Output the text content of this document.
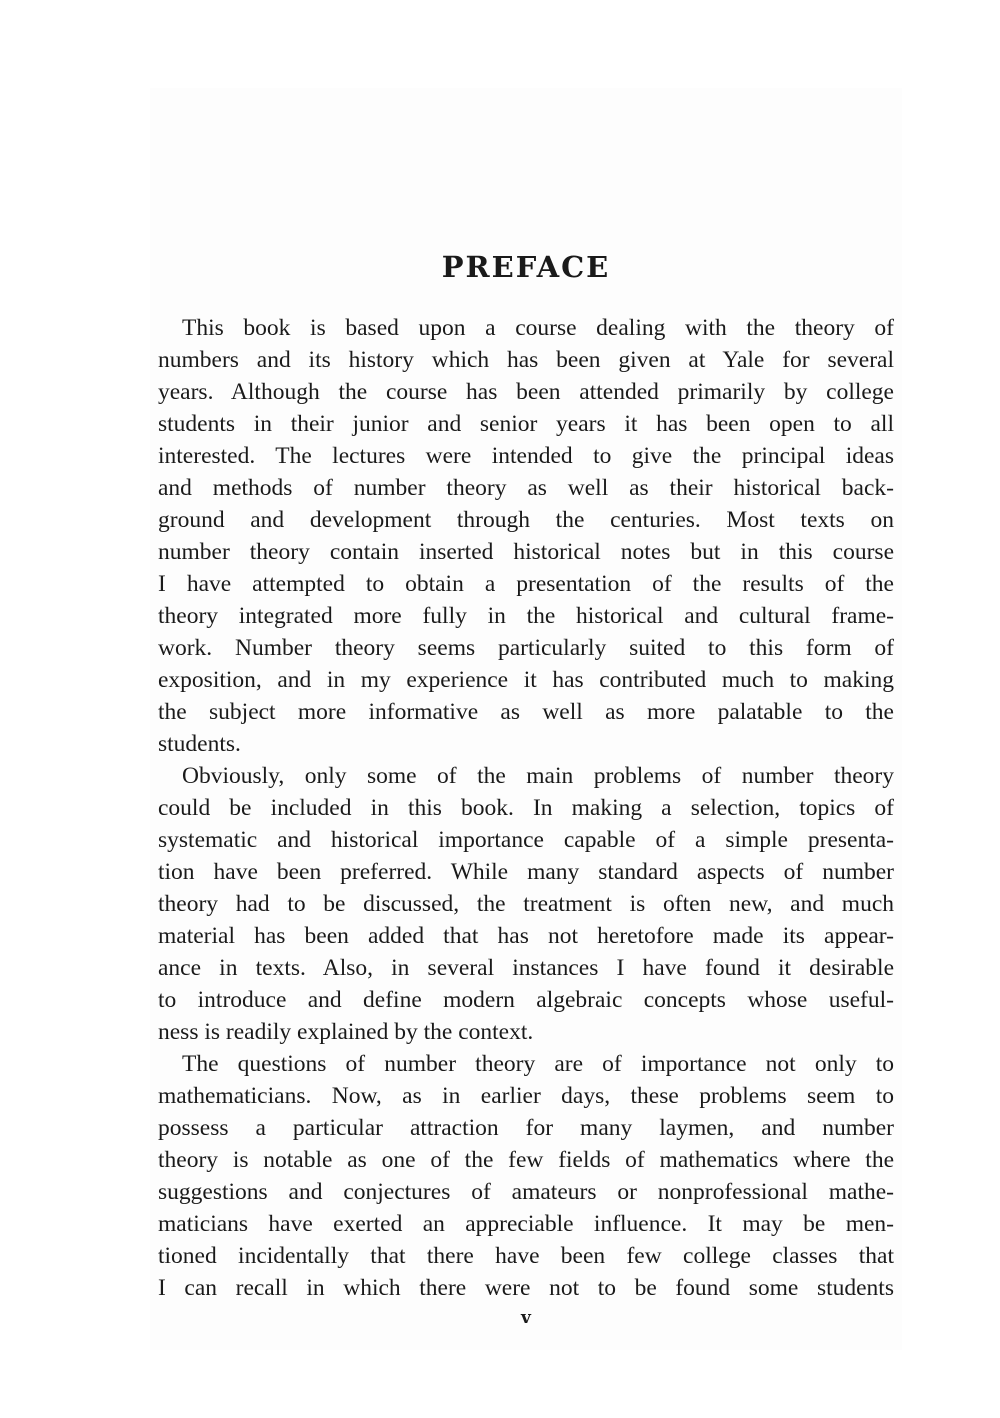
PREFACE
This book is based upon a course dealing with the theory of
numbers and its history which has been given at Yale for several
years. Although the course has been attended primarily by college
students in their junior and senior years it has been open to all
interested. The lectures were intended to give the principal ideas
and methods of number theory as well as their historical back-
ground and development through the centuries. Most texts on
number theory contain inserted historical notes but in this course
I have attempted to obtain a presentation of the results of the
theory integrated more fully in the historical and cultural frame-
work. Number theory seems particularly suited to this form of
exposition, and in my experience it has contributed much to making
the subject more informative as well as more palatable to the
students.
Obviously, only some of the main problems of number theory
could be included in this book. In making a selection, topics of
systematic and historical importance capable of a simple presenta-
tion have been preferred. While many standard aspects of number
theory had to be discussed, the treatment is often new, and much
material has been added that has not heretofore made its appear-
ance in texts. Also, in several instances I have found it desirable
to introduce and define modern algebraic concepts whose useful-
ness is readily explained by the context.
The questions of number theory are of importance not only to
mathematicians. Now, as in earlier days, these problems seem to
possess a particular attraction for many laymen, and number
theory is notable as one of the few fields of mathematics where the
suggestions and conjectures of amateurs or nonprofessional mathe-
maticians have exerted an appreciable influence. It may be men-
tioned incidentally that there have been few college classes that
I can recall in which there were not to be found some students
v
